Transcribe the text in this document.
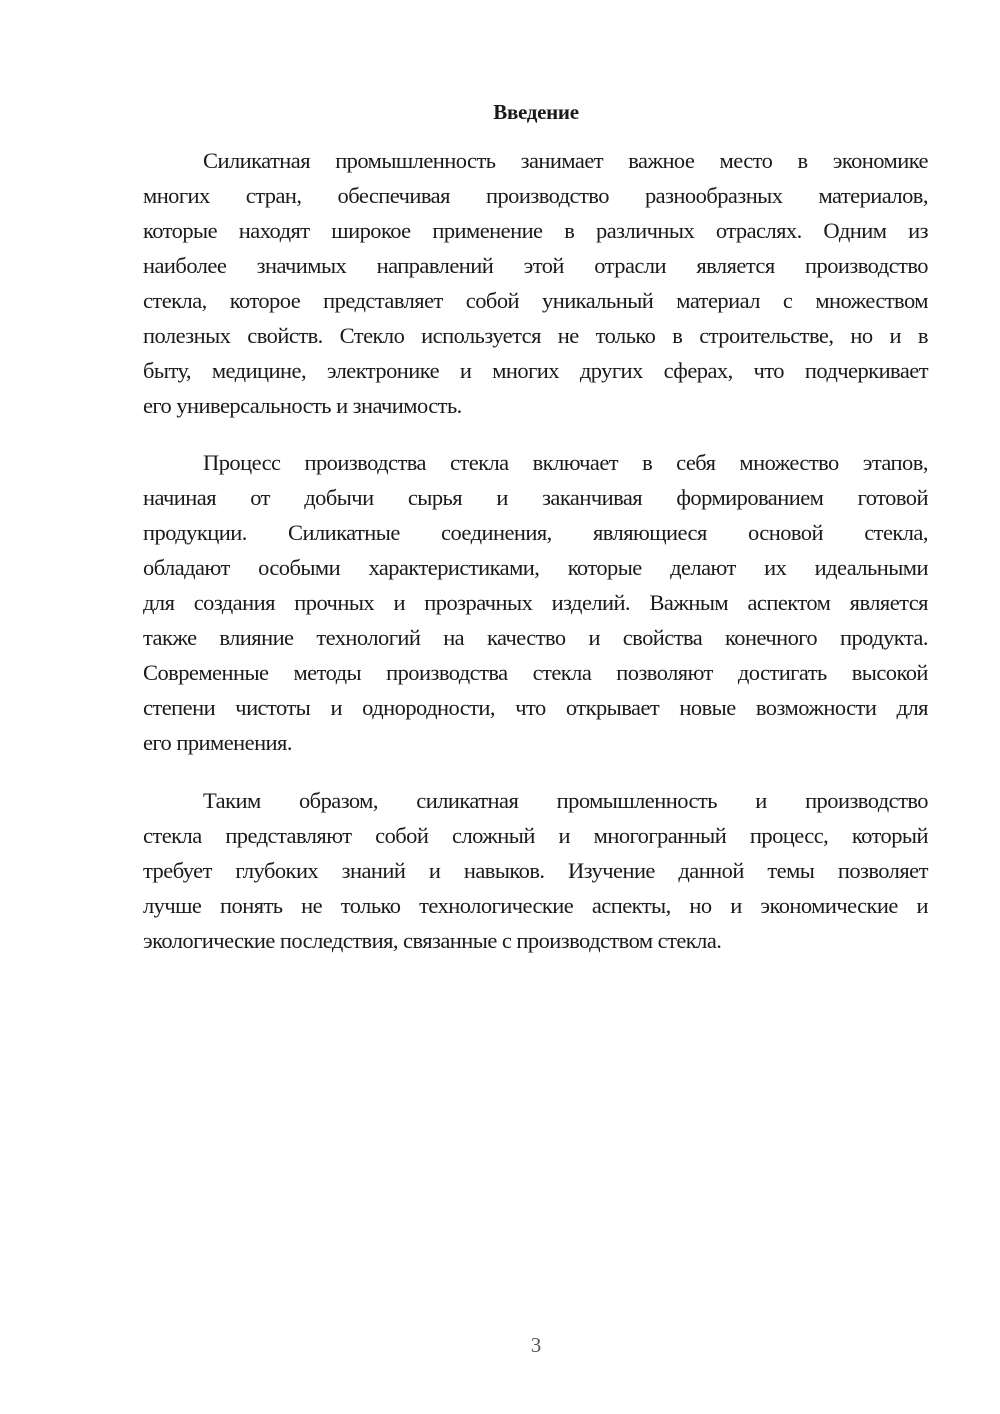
Введение
Силикатная промышленность занимает важное место в экономике
многих стран, обеспечивая производство разнообразных материалов,
которые находят широкое применение в различных отраслях. Одним из
наиболее значимых направлений этой отрасли является производство
стекла, которое представляет собой уникальный материал с множеством
полезных свойств. Стекло используется не только в строительстве, но и в
быту, медицине, электронике и многих других сферах, что подчеркивает
его универсальность и значимость.
Процесс производства стекла включает в себя множество этапов,
начиная от добычи сырья и заканчивая формированием готовой
продукции. Силикатные соединения, являющиеся основой стекла,
обладают особыми характеристиками, которые делают их идеальными
для создания прочных и прозрачных изделий. Важным аспектом является
также влияние технологий на качество и свойства конечного продукта.
Современные методы производства стекла позволяют достигать высокой
степени чистоты и однородности, что открывает новые возможности для
его применения.
Таким образом, силикатная промышленность и производство
стекла представляют собой сложный и многогранный процесс, который
требует глубоких знаний и навыков. Изучение данной темы позволяет
лучше понять не только технологические аспекты, но и экономические и
экологические последствия, связанные с производством стекла.
3
